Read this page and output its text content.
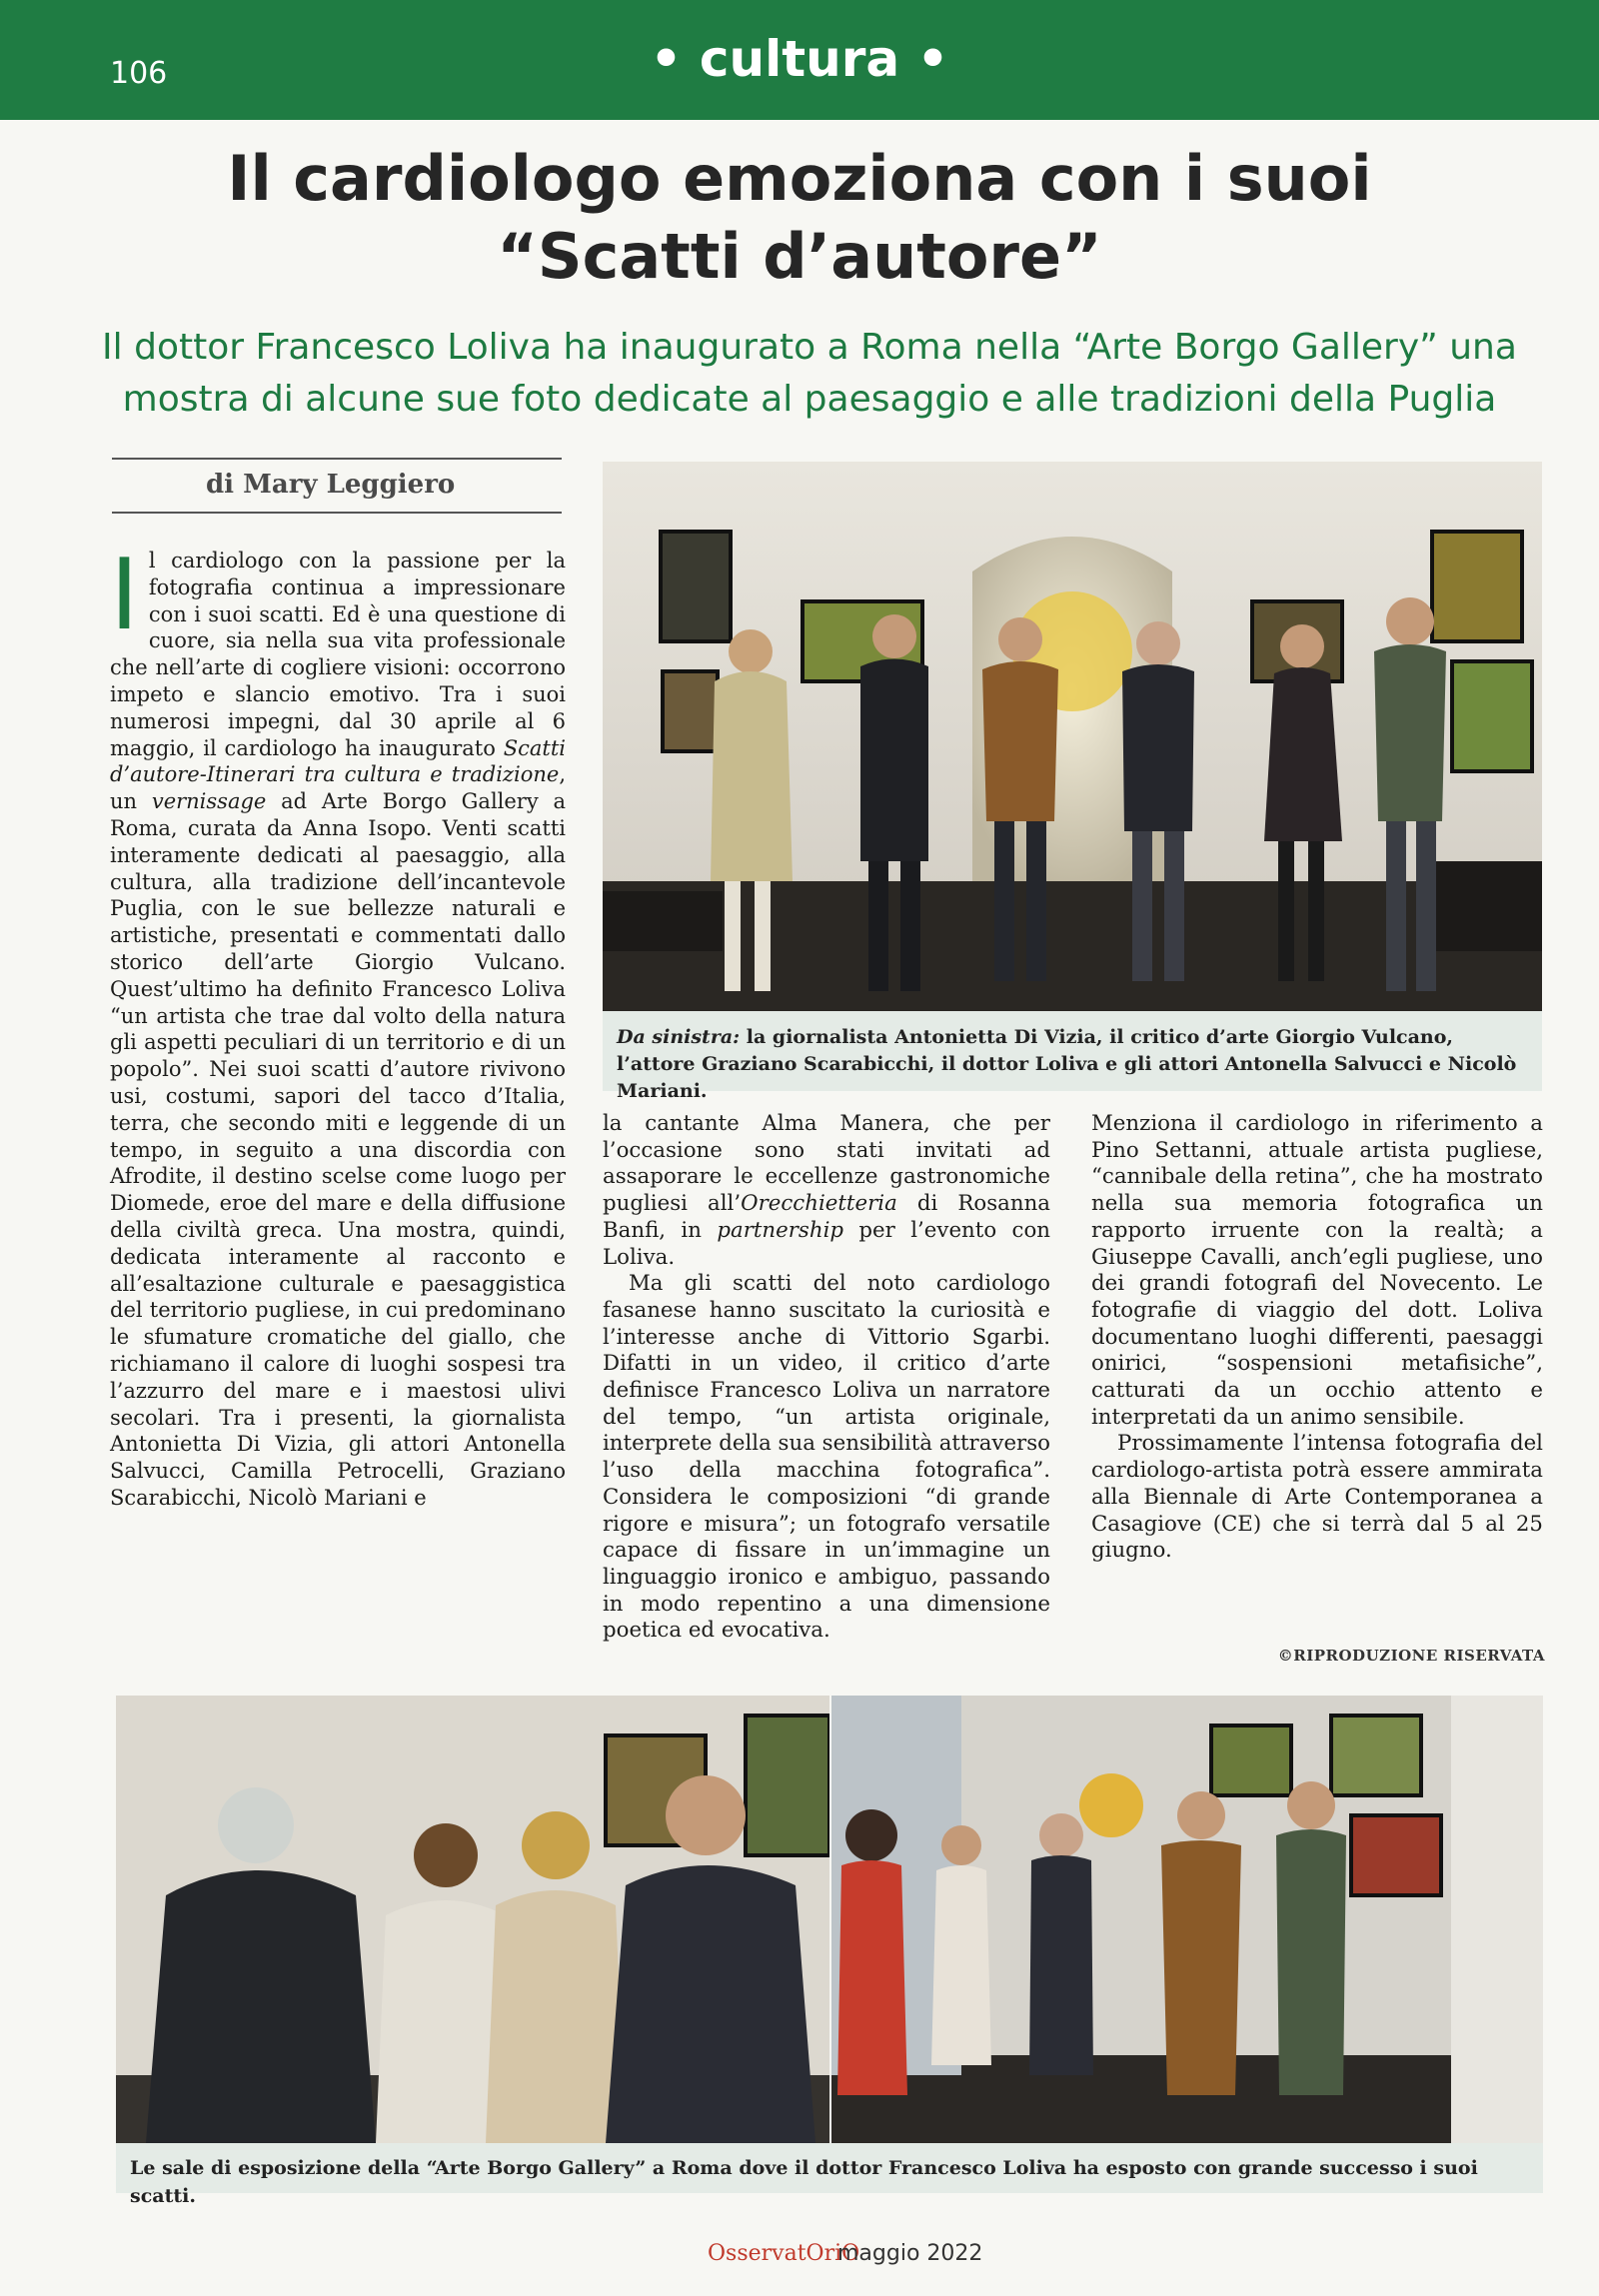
106	• cultura •
Il cardiologo emoziona con i suoi
“Scatti d’autore”
Il dottor Francesco Loliva ha inaugurato a Roma nella “Arte Borgo Gallery” una
mostra di alcune sue foto dedicate al paesaggio e alle tradizioni della Puglia
di Mary Leggiero
Da sinistra: la giornalista Antonietta Di Vizia, il critico d’arte Giorgio Vulcano, l’attore Graziano Scarabicchi, il dottor Loliva e gli attori Antonella Salvucci e Nicolò Mariani.

Il cardiologo con la passione per la fotografia continua a impressionare con i suoi scatti. Ed è una questione di cuore, sia nella sua vita professionale che nell’arte di cogliere visioni: occorrono impeto e slancio emotivo. Tra i suoi numerosi impegni, dal 30 aprile al 6 maggio, il cardiologo ha inaugurato Scatti d’autore-Itinerari tra cultura e tradizione, un vernissage ad Arte Borgo Gallery a Roma, curata da Anna Isopo. Venti scatti interamente dedicati al paesaggio, alla cultura, alla tradizione dell’incantevole Puglia, con le sue bellezze naturali e artistiche, presentati e commentati dallo storico dell’arte Giorgio Vulcano. Quest’ultimo ha definito Francesco Loliva “un artista che trae dal volto della natura gli aspetti peculiari di un territorio e di un popolo”. Nei suoi scatti d’autore rivivono usi, costumi, sapori del tacco d’Italia, terra, che secondo miti e leggende di un tempo, in seguito a una discordia con Afrodite, il destino scelse come luogo per Diomede, eroe del mare e della diffusione della civiltà greca. Una mostra, quindi, dedicata interamente al racconto e all’esaltazione culturale e paesaggistica del territorio pugliese, in cui predominano le sfumature cromatiche del giallo, che richiamano il calore di luoghi sospesi tra l’azzurro del mare e i maestosi ulivi secolari. Tra i presenti, la giornalista Antonietta Di Vizia, gli attori Antonella Salvucci, Camilla Petrocelli, Graziano Scarabicchi, Nicolò Mariani e

la cantante Alma Manera, che per l’occasione sono stati invitati ad assaporare le eccellenze gastronomiche pugliesi all’Orecchietteria di Rosanna Banfi, in partnership per l’evento con Loliva.

Ma gli scatti del noto cardiologo fasanese hanno suscitato la curiosità e l’interesse anche di Vittorio Sgarbi. Difatti in un video, il critico d’arte definisce Francesco Loliva un narratore del tempo, “un artista originale, interprete della sua sensibilità attraverso l’uso della macchina fotografica”. Considera le composizioni “di grande rigore e misura”; un fotografo versatile capace di fissare in un’immagine un linguaggio ironico e ambiguo, passando in modo repentino a una dimensione poetica ed evocativa.

Menziona il cardiologo in riferimento a Pino Settanni, attuale artista pugliese, “cannibale della retina”, che ha mostrato nella sua memoria fotografica un rapporto irruente con la realtà; a Giuseppe Cavalli, anch’egli pugliese, uno dei grandi fotografi del Novecento. Le fotografie di viaggio del dott. Loliva documentano luoghi differenti, paesaggi onirici, “sospensioni metafisiche”, catturati da un occhio attento e interpretati da un animo sensibile.

Prossimamente l’intensa fotografia del cardiologo-artista potrà essere ammirata alla Biennale di Arte Contemporanea a Casagiove (CE) che si terrà dal 5 al 25 giugno.

©RIPRODUZIONE RISERVATA
Le sale di esposizione della “Arte Borgo Gallery” a Roma dove il dottor Francesco Loliva ha esposto con grande successo i suoi scatti.
OsservatOriO
maggio 2022
